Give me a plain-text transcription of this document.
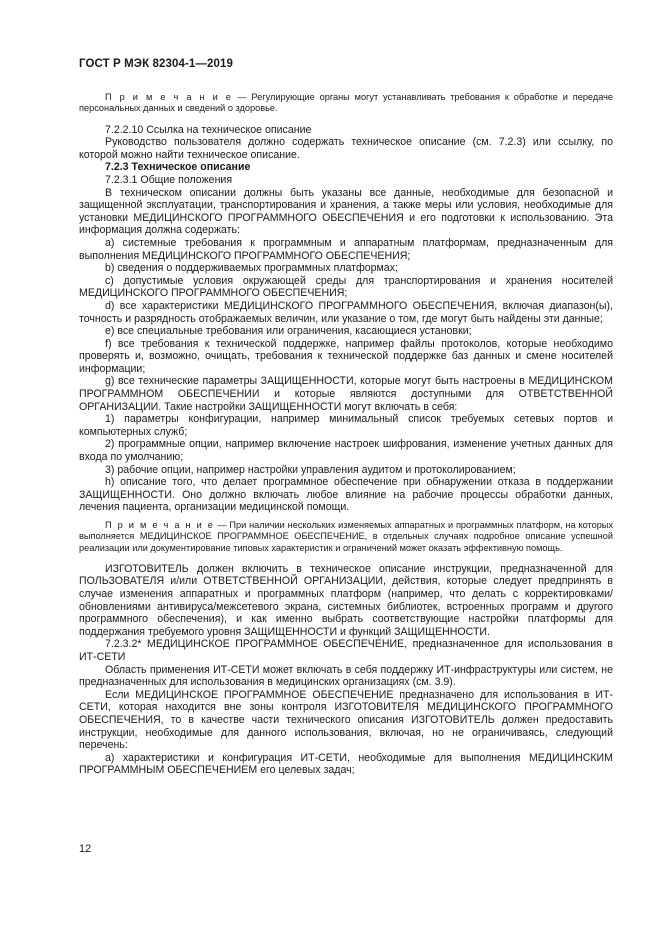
ГОСТ Р МЭК 82304-1—2019

П р и м е ч а н и е — Регулирующие органы могут устанавливать требования к обработке и передаче персональных данных и сведений о здоровье.

7.2.2.10 Ссылка на техническое описание

Руководство пользователя должно содержать техническое описание (см. 7.2.3) или ссылку, по которой можно найти техническое описание.

7.2.3 Техническое описание

7.2.3.1 Общие положения

В техническом описании должны быть указаны все данные, необходимые для безопасной и защищенной эксплуатации, транспортирования и хранения, а также меры или условия, необходимые для установки МЕДИЦИНСКОГО ПРОГРАММНОГО ОБЕСПЕЧЕНИЯ и его подготовки к использованию. Эта информация должна содержать:

а) системные требования к программным и аппаратным платформам, предназначенным для выполнения МЕДИЦИНСКОГО ПРОГРАММНОГО ОБЕСПЕЧЕНИЯ;

b) сведения о поддерживаемых программных платформах;

c) допустимые условия окружающей среды для транспортирования и хранения носителей МЕДИЦИНСКОГО ПРОГРАММНОГО ОБЕСПЕЧЕНИЯ;

d) все характеристики МЕДИЦИНСКОГО ПРОГРАММНОГО ОБЕСПЕЧЕНИЯ, включая диапазон(ы), точность и разрядность отображаемых величин, или указание о том, где могут быть найдены эти данные;

e) все специальные требования или ограничения, касающиеся установки;

f) все требования к технической поддержке, например файлы протоколов, которые необходимо проверять и, возможно, очищать, требования к технической поддержке баз данных и смене носителей информации;

g) все технические параметры ЗАЩИЩЕННОСТИ, которые могут быть настроены в МЕДИЦИНСКОМ ПРОГРАММНОМ ОБЕСПЕЧЕНИИ и которые являются доступными для ОТВЕТСТВЕННОЙ ОРГАНИЗАЦИИ. Такие настройки ЗАЩИЩЕННОСТИ могут включать в себя:

1) параметры конфигурации, например минимальный список требуемых сетевых портов и компьютерных служб;

2) программные опции, например включение настроек шифрования, изменение учетных данных для входа по умолчанию;

3) рабочие опции, например настройки управления аудитом и протоколированием;

h) описание того, что делает программное обеспечение при обнаружении отказа в поддержании ЗАЩИЩЕННОСТИ. Оно должно включать любое влияние на рабочие процессы обработки данных, лечения пациента, организации медицинской помощи.

П р и м е ч а н и е — При наличии нескольких изменяемых аппаратных и программных платформ, на которых выполняется МЕДИЦИНСКОЕ ПРОГРАММНОЕ ОБЕСПЕЧЕНИЕ, в отдельных случаях подробное описание успешной реализации или документирование типовых характеристик и ограничений может оказать эффективную помощь.

ИЗГОТОВИТЕЛЬ должен включить в техническое описание инструкции, предназначенной для ПОЛЬЗОВАТЕЛЯ и/или ОТВЕТСТВЕННОЙ ОРГАНИЗАЦИИ, действия, которые следует предпринять в случае изменения аппаратных и программных платформ (например, что делать с корректировками/обновлениями антивируса/межсетевого экрана, системных библиотек, встроенных программ и другого программного обеспечения), и как именно выбрать соответствующие настройки платформы для поддержания требуемого уровня ЗАЩИЩЕННОСТИ и функций ЗАЩИЩЕННОСТИ.

7.2.3.2* МЕДИЦИНСКОЕ ПРОГРАММНОЕ ОБЕСПЕЧЕНИЕ, предназначенное для использования в ИТ-СЕТИ

Область применения ИТ-СЕТИ может включать в себя поддержку ИТ-инфраструктуры или систем, не предназначенных для использования в медицинских организациях (см. 3.9).

Если МЕДИЦИНСКОЕ ПРОГРАММНОЕ ОБЕСПЕЧЕНИЕ предназначено для использования в ИТ-СЕТИ, которая находится вне зоны контроля ИЗГОТОВИТЕЛЯ МЕДИЦИНСКОГО ПРОГРАММНОГО ОБЕСПЕЧЕНИЯ, то в качестве части технического описания ИЗГОТОВИТЕЛЬ должен предоставить инструкции, необходимые для данного использования, включая, но не ограничиваясь, следующий перечень:

а) характеристики и конфигурация ИТ-СЕТИ, необходимые для выполнения МЕДИЦИНСКИМ ПРОГРАММНЫМ ОБЕСПЕЧЕНИЕМ его целевых задач;

12
